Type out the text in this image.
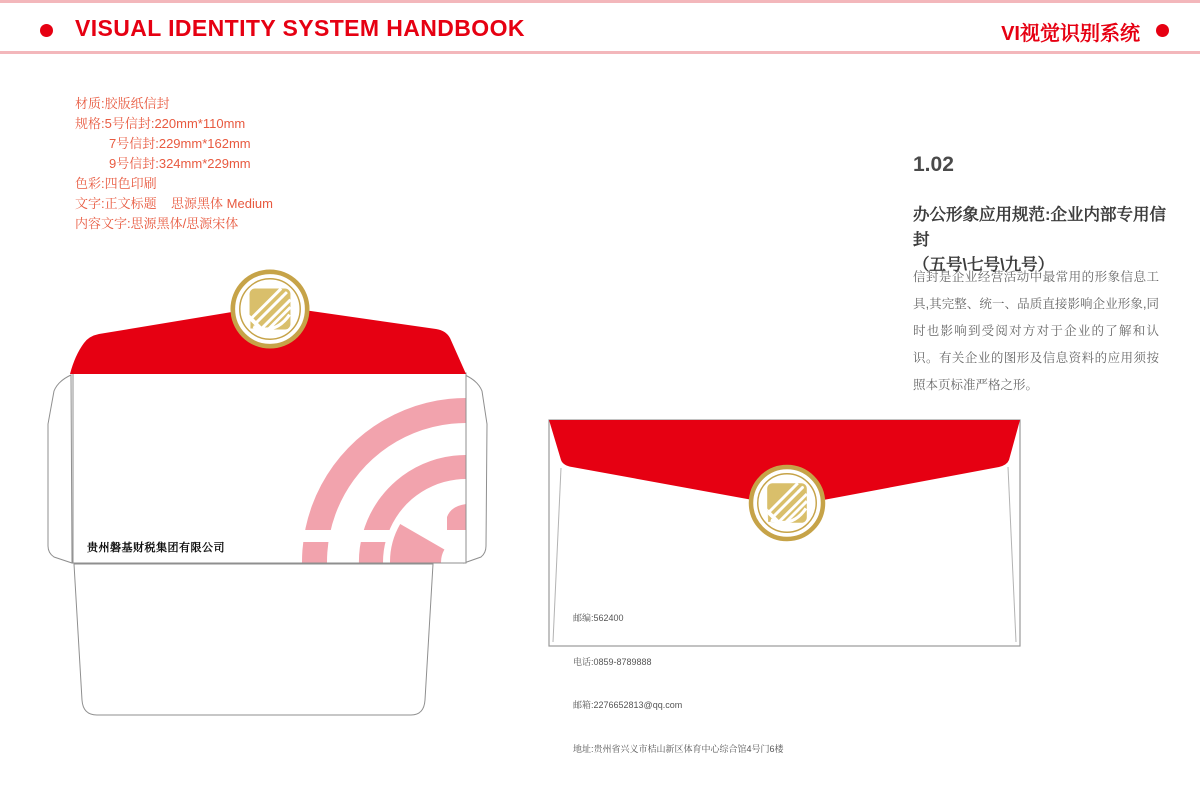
VISUAL IDENTITY SYSTEM HANDBOOK	VI视觉识别系统
材质:胶版纸信封
规格:5号信封:220mm*110mm
7号信封:229mm*162mm
9号信封:324mm*229mm
色彩:四色印刷
文字:正文标题    思源黑体 Medium
内容文字:思源黑体/思源宋体
1.02
办公形象应用规范:企业内部专用信封
（五号\七号\九号）
信封是企业经营活动中最常用的形象信息工具,其完整、统一、品质直接影响企业形象,同时也影响到受阅对方对于企业的了解和认识。有关企业的图形及信息资料的应用须按照本页标准严格之形。
贵州磐基财税集团有限公司

邮编:562400

电话:0859-8789888

邮箱:2276652813@qq.com

地址:贵州省兴义市桔山新区体育中心综合馆4号门6楼
